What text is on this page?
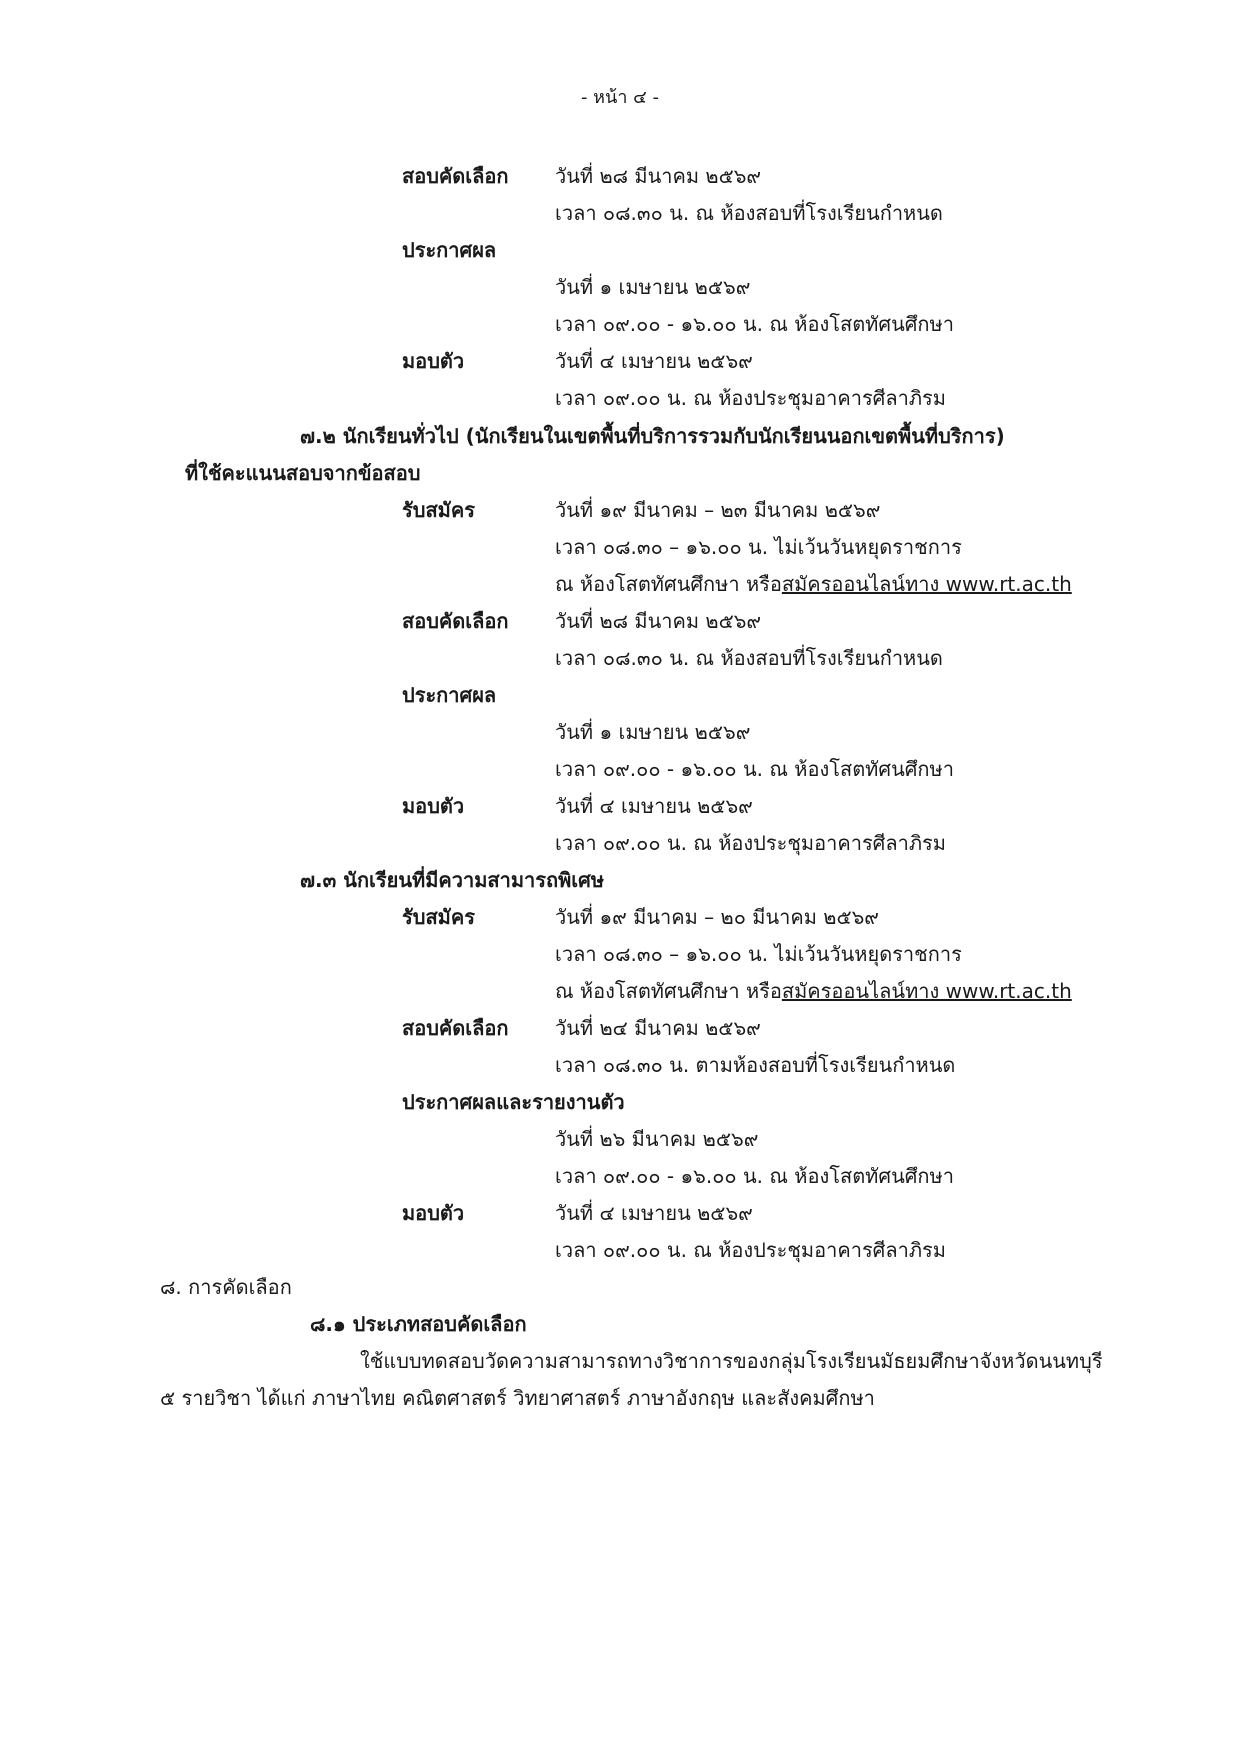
- หน้า ๔ -
สอบคัดเลือก วันที่ ๒๘ มีนาคม ๒๕๖๙
เวลา ๐๘.๓๐ น. ณ ห้องสอบที่โรงเรียนกำหนด
ประกาศผล
วันที่ ๑ เมษายน ๒๕๖๙
เวลา ๐๙.๐๐ - ๑๖.๐๐ น. ณ ห้องโสตทัศนศึกษา
มอบตัว	วันที่ ๔ เมษายน ๒๕๖๙
เวลา ๐๙.๐๐ น. ณ ห้องประชุมอาคารศีลาภิรม
๗.๒ นักเรียนทั่วไป (นักเรียนในเขตพื้นที่บริการรวมกับนักเรียนนอกเขตพื้นที่บริการ)
ที่ใช้คะแนนสอบจากข้อสอบ
รับสมัคร	วันที่ ๑๙ มีนาคม – ๒๓ มีนาคม ๒๕๖๙
เวลา ๐๘.๓๐ – ๑๖.๐๐ น. ไม่เว้นวันหยุดราชการ
ณ ห้องโสตทัศนศึกษา หรือสมัครออนไลน์ทาง www.rt.ac.th
สอบคัดเลือก วันที่ ๒๘ มีนาคม ๒๕๖๙
เวลา ๐๘.๓๐ น. ณ ห้องสอบที่โรงเรียนกำหนด
ประกาศผล
วันที่ ๑ เมษายน ๒๕๖๙
เวลา ๐๙.๐๐ - ๑๖.๐๐ น. ณ ห้องโสตทัศนศึกษา
มอบตัว	วันที่ ๔ เมษายน ๒๕๖๙
เวลา ๐๙.๐๐ น. ณ ห้องประชุมอาคารศีลาภิรม
๗.๓ นักเรียนที่มีความสามารถพิเศษ
รับสมัคร	วันที่ ๑๙ มีนาคม – ๒๐ มีนาคม ๒๕๖๙
เวลา ๐๘.๓๐ – ๑๖.๐๐ น. ไม่เว้นวันหยุดราชการ
ณ ห้องโสตทัศนศึกษา หรือสมัครออนไลน์ทาง www.rt.ac.th
สอบคัดเลือก วันที่ ๒๔ มีนาคม ๒๕๖๙
เวลา ๐๘.๓๐ น. ตามห้องสอบที่โรงเรียนกำหนด
ประกาศผลและรายงานตัว
วันที่ ๒๖ มีนาคม ๒๕๖๙
เวลา ๐๙.๐๐ - ๑๖.๐๐ น. ณ ห้องโสตทัศนศึกษา
มอบตัว	วันที่ ๔ เมษายน ๒๕๖๙
เวลา ๐๙.๐๐ น. ณ ห้องประชุมอาคารศีลาภิรม
๘. การคัดเลือก
๘.๑ ประเภทสอบคัดเลือก
ใช้แบบทดสอบวัดความสามารถทางวิชาการของกลุ่มโรงเรียนมัธยมศึกษาจังหวัดนนทบุรี
๕ รายวิชา ได้แก่ ภาษาไทย คณิตศาสตร์ วิทยาศาสตร์ ภาษาอังกฤษ และสังคมศึกษา
